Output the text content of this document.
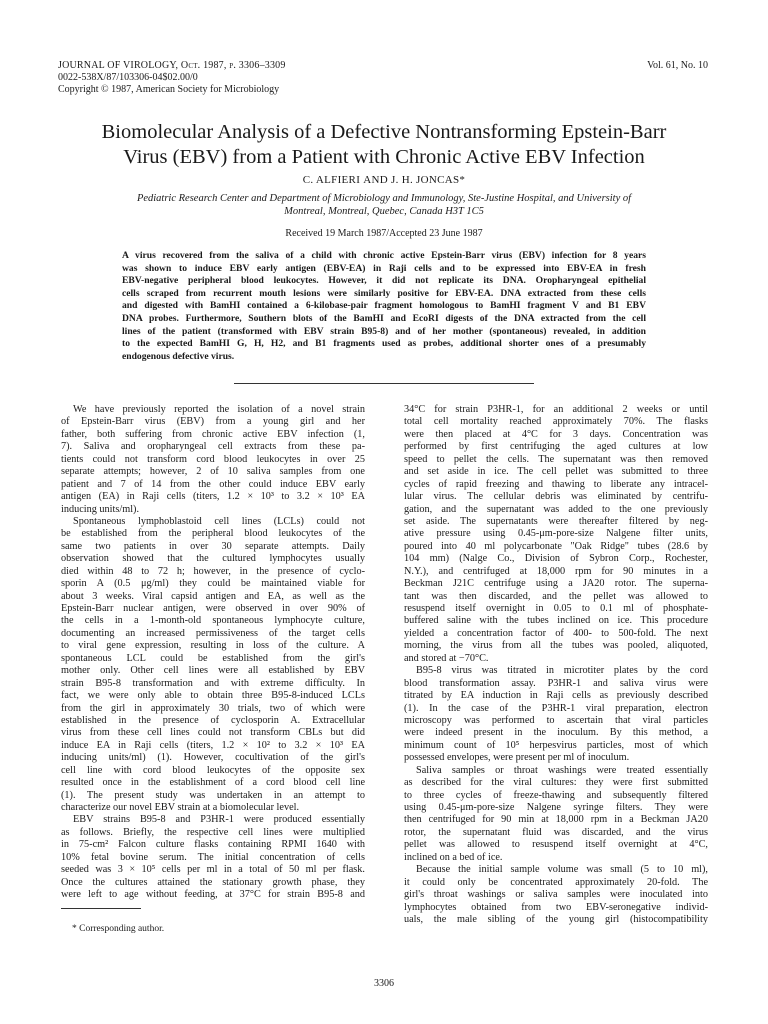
JOURNAL OF VIROLOGY, Oct. 1987, p. 3306–3309
0022-538X/87/103306-04$02.00/0
Copyright © 1987, American Society for Microbiology
Vol. 61, No. 10
Biomolecular Analysis of a Defective Nontransforming Epstein-Barr
Virus (EBV) from a Patient with Chronic Active EBV Infection
C. ALFIERI AND J. H. JONCAS*
Pediatric Research Center and Department of Microbiology and Immunology, Ste-Justine Hospital, and University of
Montreal, Montreal, Quebec, Canada H3T 1C5
Received 19 March 1987/Accepted 23 June 1987
A virus recovered from the saliva of a child with chronic active Epstein-Barr virus (EBV) infection for 8 years
was shown to induce EBV early antigen (EBV-EA) in Raji cells and to be expressed into EBV-EA in fresh
EBV-negative peripheral blood leukocytes. However, it did not replicate its DNA. Oropharyngeal epithelial
cells scraped from recurrent mouth lesions were similarly positive for EBV-EA. DNA extracted from these cells
and digested with BamHI contained a 6-kilobase-pair fragment homologous to BamHI fragment V and B1 EBV
DNA probes. Furthermore, Southern blots of the BamHI and EcoRI digests of the DNA extracted from the cell
lines of the patient (transformed with EBV strain B95-8) and of her mother (spontaneous) revealed, in addition
to the expected BamHI G, H, H2, and B1 fragments used as probes, additional shorter ones of a presumably
endogenous defective virus.
We have previously reported the isolation of a novel strain
of Epstein-Barr virus (EBV) from a young girl and her
father, both suffering from chronic active EBV infection (1,
7). Saliva and oropharyngeal cell extracts from these pa-
tients could not transform cord blood leukocytes in over 25
separate attempts; however, 2 of 10 saliva samples from one
patient and 7 of 14 from the other could induce EBV early
antigen (EA) in Raji cells (titers, 1.2 × 10³ to 3.2 × 10³ EA
inducing units/ml).
Spontaneous lymphoblastoid cell lines (LCLs) could not
be established from the peripheral blood leukocytes of the
same two patients in over 30 separate attempts. Daily
observation showed that the cultured lymphocytes usually
died within 48 to 72 h; however, in the presence of cyclo-
sporin A (0.5 μg/ml) they could be maintained viable for
about 3 weeks. Viral capsid antigen and EA, as well as the
Epstein-Barr nuclear antigen, were observed in over 90% of
the cells in a 1-month-old spontaneous lymphocyte culture,
documenting an increased permissiveness of the target cells
to viral gene expression, resulting in loss of the culture. A
spontaneous LCL could be established from the girl's
mother only. Other cell lines were all established by EBV
strain B95-8 transformation and with extreme difficulty. In
fact, we were only able to obtain three B95-8-induced LCLs
from the girl in approximately 30 trials, two of which were
established in the presence of cyclosporin A. Extracellular
virus from these cell lines could not transform CBLs but did
induce EA in Raji cells (titers, 1.2 × 10² to 3.2 × 10³ EA
inducing units/ml) (1). However, cocultivation of the girl's
cell line with cord blood leukocytes of the opposite sex
resulted once in the establishment of a cord blood cell line
(1). The present study was undertaken in an attempt to
characterize our novel EBV strain at a biomolecular level.
EBV strains B95-8 and P3HR-1 were produced essentially
as follows. Briefly, the respective cell lines were multiplied
in 75-cm² Falcon culture flasks containing RPMI 1640 with
10% fetal bovine serum. The initial concentration of cells
seeded was 3 × 10⁵ cells per ml in a total of 50 ml per flask.
Once the cultures attained the stationary growth phase, they
were left to age without feeding, at 37°C for strain B95-8 and
34°C for strain P3HR-1, for an additional 2 weeks or until
total cell mortality reached approximately 70%. The flasks
were then placed at 4°C for 3 days. Concentration was
performed by first centrifuging the aged cultures at low
speed to pellet the cells. The supernatant was then removed
and set aside in ice. The cell pellet was submitted to three
cycles of rapid freezing and thawing to liberate any intracel-
lular virus. The cellular debris was eliminated by centrifu-
gation, and the supernatant was added to the one previously
set aside. The supernatants were thereafter filtered by neg-
ative pressure using 0.45-μm-pore-size Nalgene filter units,
poured into 40 ml polycarbonate "Oak Ridge" tubes (28.6 by
104 mm) (Nalge Co., Division of Sybron Corp., Rochester,
N.Y.), and centrifuged at 18,000 rpm for 90 minutes in a
Beckman J21C centrifuge using a JA20 rotor. The superna-
tant was then discarded, and the pellet was allowed to
resuspend itself overnight in 0.05 to 0.1 ml of phosphate-
buffered saline with the tubes inclined on ice. This procedure
yielded a concentration factor of 400- to 500-fold. The next
morning, the virus from all the tubes was pooled, aliquoted,
and stored at −70°C.
B95-8 virus was titrated in microtiter plates by the cord
blood transformation assay. P3HR-1 and saliva virus were
titrated by EA induction in Raji cells as previously described
(1). In the case of the P3HR-1 viral preparation, electron
microscopy was performed to ascertain that viral particles
were indeed present in the inoculum. By this method, a
minimum count of 10⁵ herpesvirus particles, most of which
possessed envelopes, were present per ml of inoculum.
Saliva samples or throat washings were treated essentially
as described for the viral cultures: they were first submitted
to three cycles of freeze-thawing and subsequently filtered
using 0.45-μm-pore-size Nalgene syringe filters. They were
then centrifuged for 90 min at 18,000 rpm in a Beckman JA20
rotor, the supernatant fluid was discarded, and the virus
pellet was allowed to resuspend itself overnight at 4°C,
inclined on a bed of ice.
Because the initial sample volume was small (5 to 10 ml),
it could only be concentrated approximately 20-fold. The
girl's throat washings or saliva samples were inoculated into
lymphocytes obtained from two EBV-seronegative individ-
uals, the male sibling of the young girl (histocompatibility
* Corresponding author.
3306
